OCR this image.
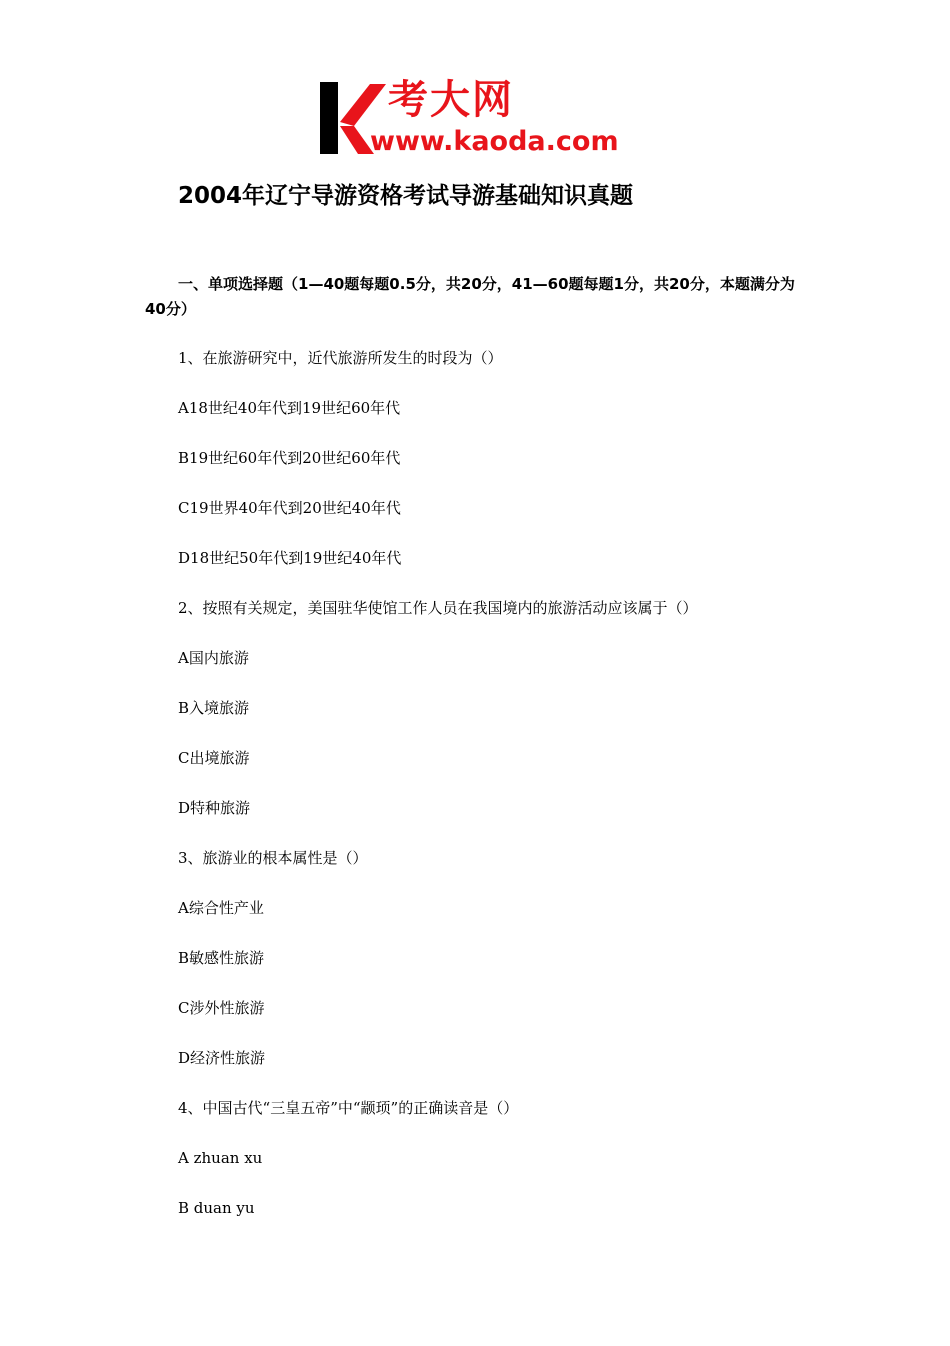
考大网
www.kaoda.com
2004年辽宁导游资格考试导游基础知识真题
一、单项选择题（1—40题每题0.5分，共20分，41—60题每题1分，共20分，本题满分为40分）
1、在旅游研究中，近代旅游所发生的时段为（）
A18世纪40年代到19世纪60年代
B19世纪60年代到20世纪60年代
C19世界40年代到20世纪40年代
D18世纪50年代到19世纪40年代
2、按照有关规定，美国驻华使馆工作人员在我国境内的旅游活动应该属于（）
A国内旅游
B入境旅游
C出境旅游
D特种旅游
3、旅游业的根本属性是（）
A综合性产业
B敏感性旅游
C涉外性旅游
D经济性旅游
4、中国古代“三皇五帝”中“颛顼”的正确读音是（）
A zhuan xu
B duan yu
